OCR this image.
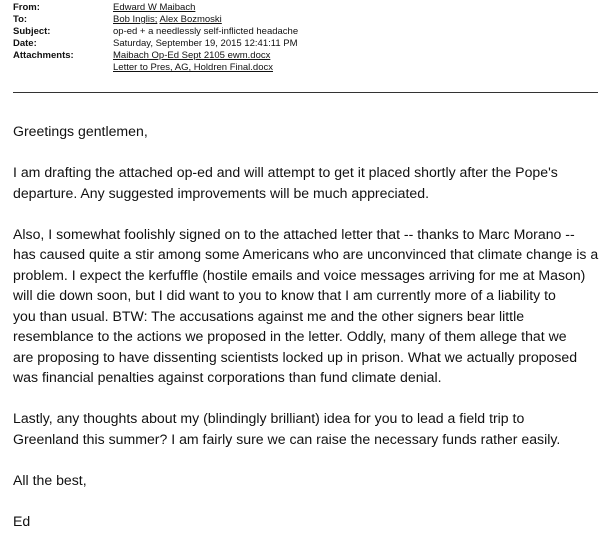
From:	Edward W Maibach
To:	Bob Inglis; Alex Bozmoski
Subject:	op-ed + a needlessly self-inflicted headache
Date:	Saturday, September 19, 2015 12:41:11 PM
Attachments:	Maibach Op-Ed Sept 2105 ewm.docx
Letter to Pres, AG, Holdren Final.docx

Greetings gentlemen,

I am drafting the attached op-ed and will attempt to get it placed shortly after the Pope's

departure. Any suggested improvements will be much appreciated.

Also, I somewhat foolishly signed on to the attached letter that -- thanks to Marc Morano --

has caused quite a stir among some Americans who are unconvinced that climate change is a

problem. I expect the kerfuffle (hostile emails and voice messages arriving for me at Mason)

will die down soon, but I did want to you to know that I am currently more of a liability to

you than usual. BTW: The accusations against me and the other signers bear little

resemblance to the actions we proposed in the letter. Oddly, many of them allege that we

are proposing to have dissenting scientists locked up in prison. What we actually proposed

was financial penalties against corporations than fund climate denial.

Lastly, any thoughts about my (blindingly brilliant) idea for you to lead a field trip to

Greenland this summer? I am fairly sure we can raise the necessary funds rather easily.

All the best,

Ed
